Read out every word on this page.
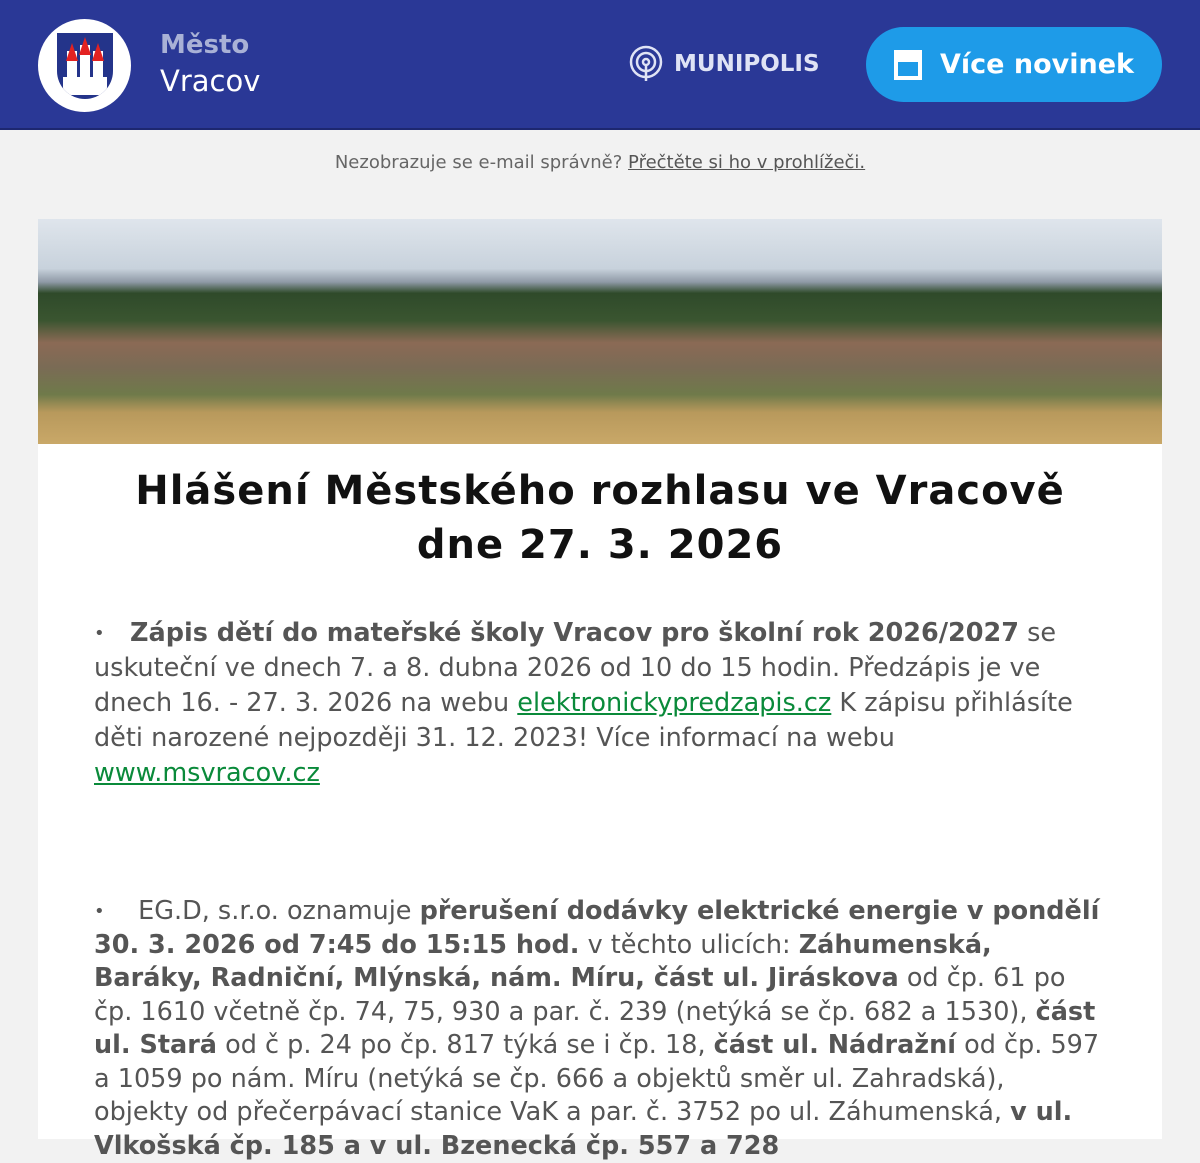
Město
Vracov	MUNIPOLIS	Více novinek
Nezobrazuje se e-mail správně? Přečtěte si ho v prohlížeči.
Hlášení Městského rozhlasu ve Vracově
dne 27. 3. 2026
• Zápis dětí do mateřské školy Vracov pro školní rok 2026/2027 se uskuteční ve dnech 7. a 8. dubna 2026 od 10 do 15 hodin. Předzápis je ve dnech 16. - 27. 3. 2026 na webu elektronickypredzapis.cz K zápisu přihlásíte děti narozené nejpozději 31. 12. 2023! Více informací na webu www.msvracov.cz
• EG.D, s.r.o. oznamuje přerušení dodávky elektrické energie v pondělí 30. 3. 2026 od 7:45 do 15:15 hod. v těchto ulicích: Záhumenská, Baráky, Radniční, Mlýnská, nám. Míru, část ul. Jiráskova od čp. 61 po čp. 1610 včetně čp. 74, 75, 930 a par. č. 239 (netýká se čp. 682 a 1530), část ul. Stará od č p. 24 po čp. 817 týká se i čp. 18, část ul. Nádražní od čp. 597 a 1059 po nám. Míru (netýká se čp. 666 a objektů směr ul. Zahradská), objekty od přečerpávací stanice VaK a par. č. 3752 po ul. Záhumenská, v ul. Vlkošská čp. 185 a v ul. Bzenecká čp. 557 a 728
